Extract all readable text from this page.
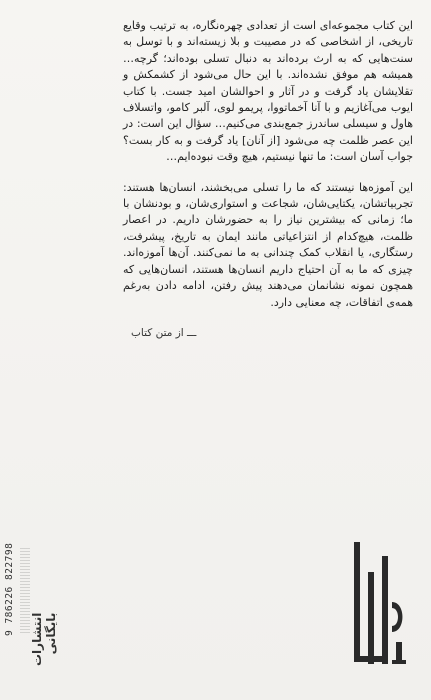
این کتاب مجموعه‌ای است از تعدادی چهره‌نگاره، به ترتیب وقایع تاریخی، از اشخاصی که در مصیبت و بلا زیسته‌اند و با توسل به سنت‌هایی که به ارث برده‌اند به دنبال تسلی بوده‌اند؛ گرچه… همیشه هم موفق نشده‌اند. با این حال می‌شود از کشمکش و تقلایشان یاد گرفت و در آثار و احوالشان امید جست. با کتاب ایوب می‌آغازیم و با آنا آخماتووا، پریمو لوی، آلبر کامو، واتسلاف هاول و سیسلی ساندرز جمع‌بندی می‌کنیم… سؤال این است: در این عصر ظلمت چه می‌شود [از آنان] یاد گرفت و به کار بست؟ جواب آسان است: ما تنها نیستیم، هیچ وقت نبوده‌ایم…

این آموزه‌ها نیستند که ما را تسلی می‌بخشند، انسان‌ها هستند: تجربیاتشان، یکتایی‌شان، شجاعت و استواری‌شان، و بودنشان با ما؛ زمانی که بیشترین نیاز را به حضورشان داریم. در اعصار ظلمت، هیچ‌کدام از انتزاعیاتی مانند ایمان به تاریخ، پیشرفت، رستگاری، یا انقلاب کمک چندانی به ما نمی‌کنند. آن‌ها آموزه‌اند. چیزی که ما به آن احتیاج داریم انسان‌ها هستند، انسان‌هایی که همچون نمونه نشانمان می‌دهند پیش رفتن، ادامه دادن به‌رغم همه‌ی اتفاقات، چه معنایی دارد.

ـــ از متن کتاب
9 786226 822798
انتشارات بایگانی
